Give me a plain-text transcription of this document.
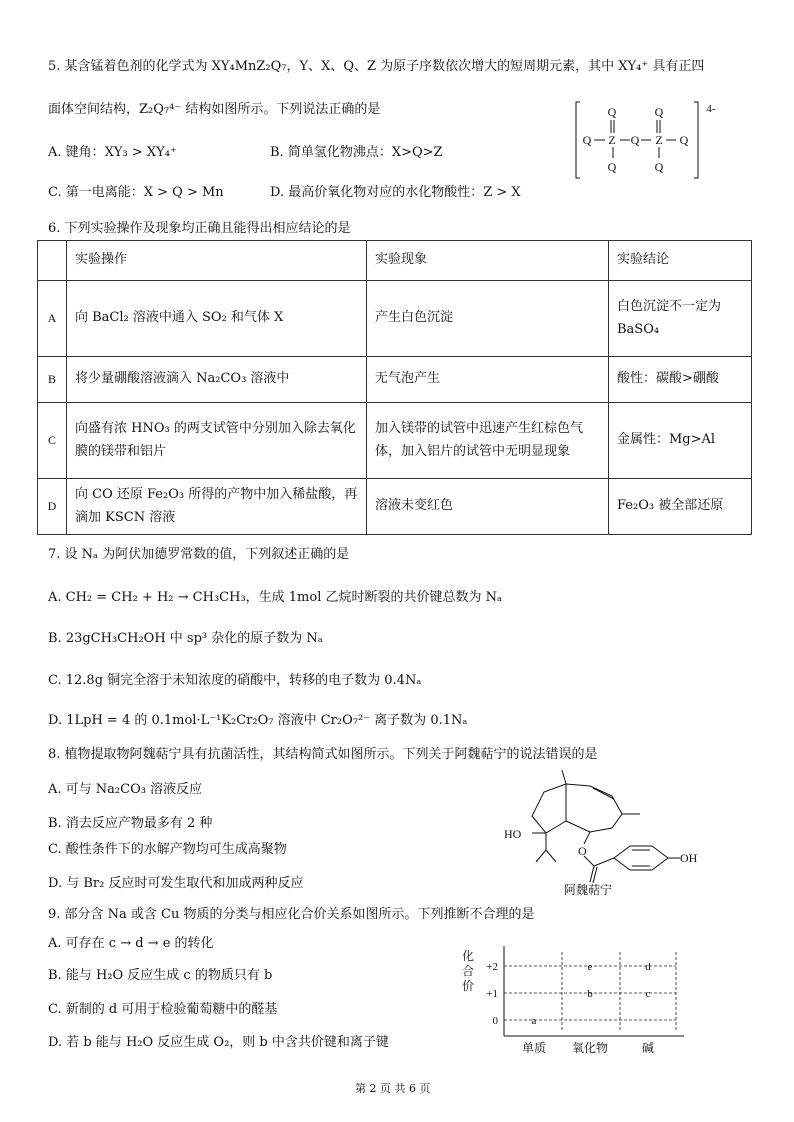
5. 某含锰着色剂的化学式为 XY₄MnZ₂Q₇，Y、X、Q、Z 为原子序数依次增大的短周期元素，其中 XY₄⁺ 具有正四
面体空间结构，Z₂Q₇⁴⁻ 结构如图所示。下列说法正确的是
A. 键角：XY₃ > XY₄⁺	B. 简单氢化物沸点：X>Q>Z
C. 第一电离能：X > Q > Mn	D. 最高价氧化物对应的水化物酸性：Z > X
Q	Q
Q Z Q Z Q
Q	Q
4-
6. 下列实验操作及现象均正确且能得出相应结论的是
	实验操作	实验现象	实验结论
A	向 BaCl₂ 溶液中通入 SO₂ 和气体 X	产生白色沉淀	白色沉淀不一定为 BaSO₄
B	将少量硼酸溶液滴入 Na₂CO₃ 溶液中	无气泡产生	酸性：碳酸>硼酸
C	向盛有浓 HNO₃ 的两支试管中分别加入除去氧化膜的镁带和铝片	加入镁带的试管中迅速产生红棕色气体，加入铝片的试管中无明显现象	金属性：Mg>Al
D	向 CO 还原 Fe₂O₃ 所得的产物中加入稀盐酸，再滴加 KSCN 溶液	溶液未变红色	Fe₂O₃ 被全部还原
7. 设 Nₐ 为阿伏加德罗常数的值，下列叙述正确的是
A. CH₂ = CH₂ + H₂ → CH₃CH₃，生成 1mol 乙烷时断裂的共价键总数为 Nₐ
B. 23gCH₃CH₂OH 中 sp³ 杂化的原子数为 Nₐ
C. 12.8g 铜完全溶于未知浓度的硝酸中，转移的电子数为 0.4Nₐ
D. 1LpH = 4 的 0.1mol·L⁻¹K₂Cr₂O₇ 溶液中 Cr₂O₇²⁻ 离子数为 0.1Nₐ
8. 植物提取物阿魏萜宁具有抗菌活性，其结构简式如图所示。下列关于阿魏萜宁的说法错误的是
A. 可与 Na₂CO₃ 溶液反应
B. 消去反应产物最多有 2 种
C. 酸性条件下的水解产物均可生成高聚物
D. 与 Br₂ 反应时可发生取代和加成两种反应
HO
O	OH
阿魏萜宁
9. 部分含 Na 或含 Cu 物质的分类与相应化合价关系如图所示。下列推断不合理的是
A. 可存在 c → d → e 的转化
B. 能与 H₂O 反应生成 c 的物质只有 b
C. 新制的 d 可用于检验葡萄糖中的醛基
D. 若 b 能与 H₂O 反应生成 O₂，则 b 中含共价键和离子键
化
合
价
+2
+1
0
单质 氧化物	碱
a
b	c
e	d
第 2 页 共 6 页
